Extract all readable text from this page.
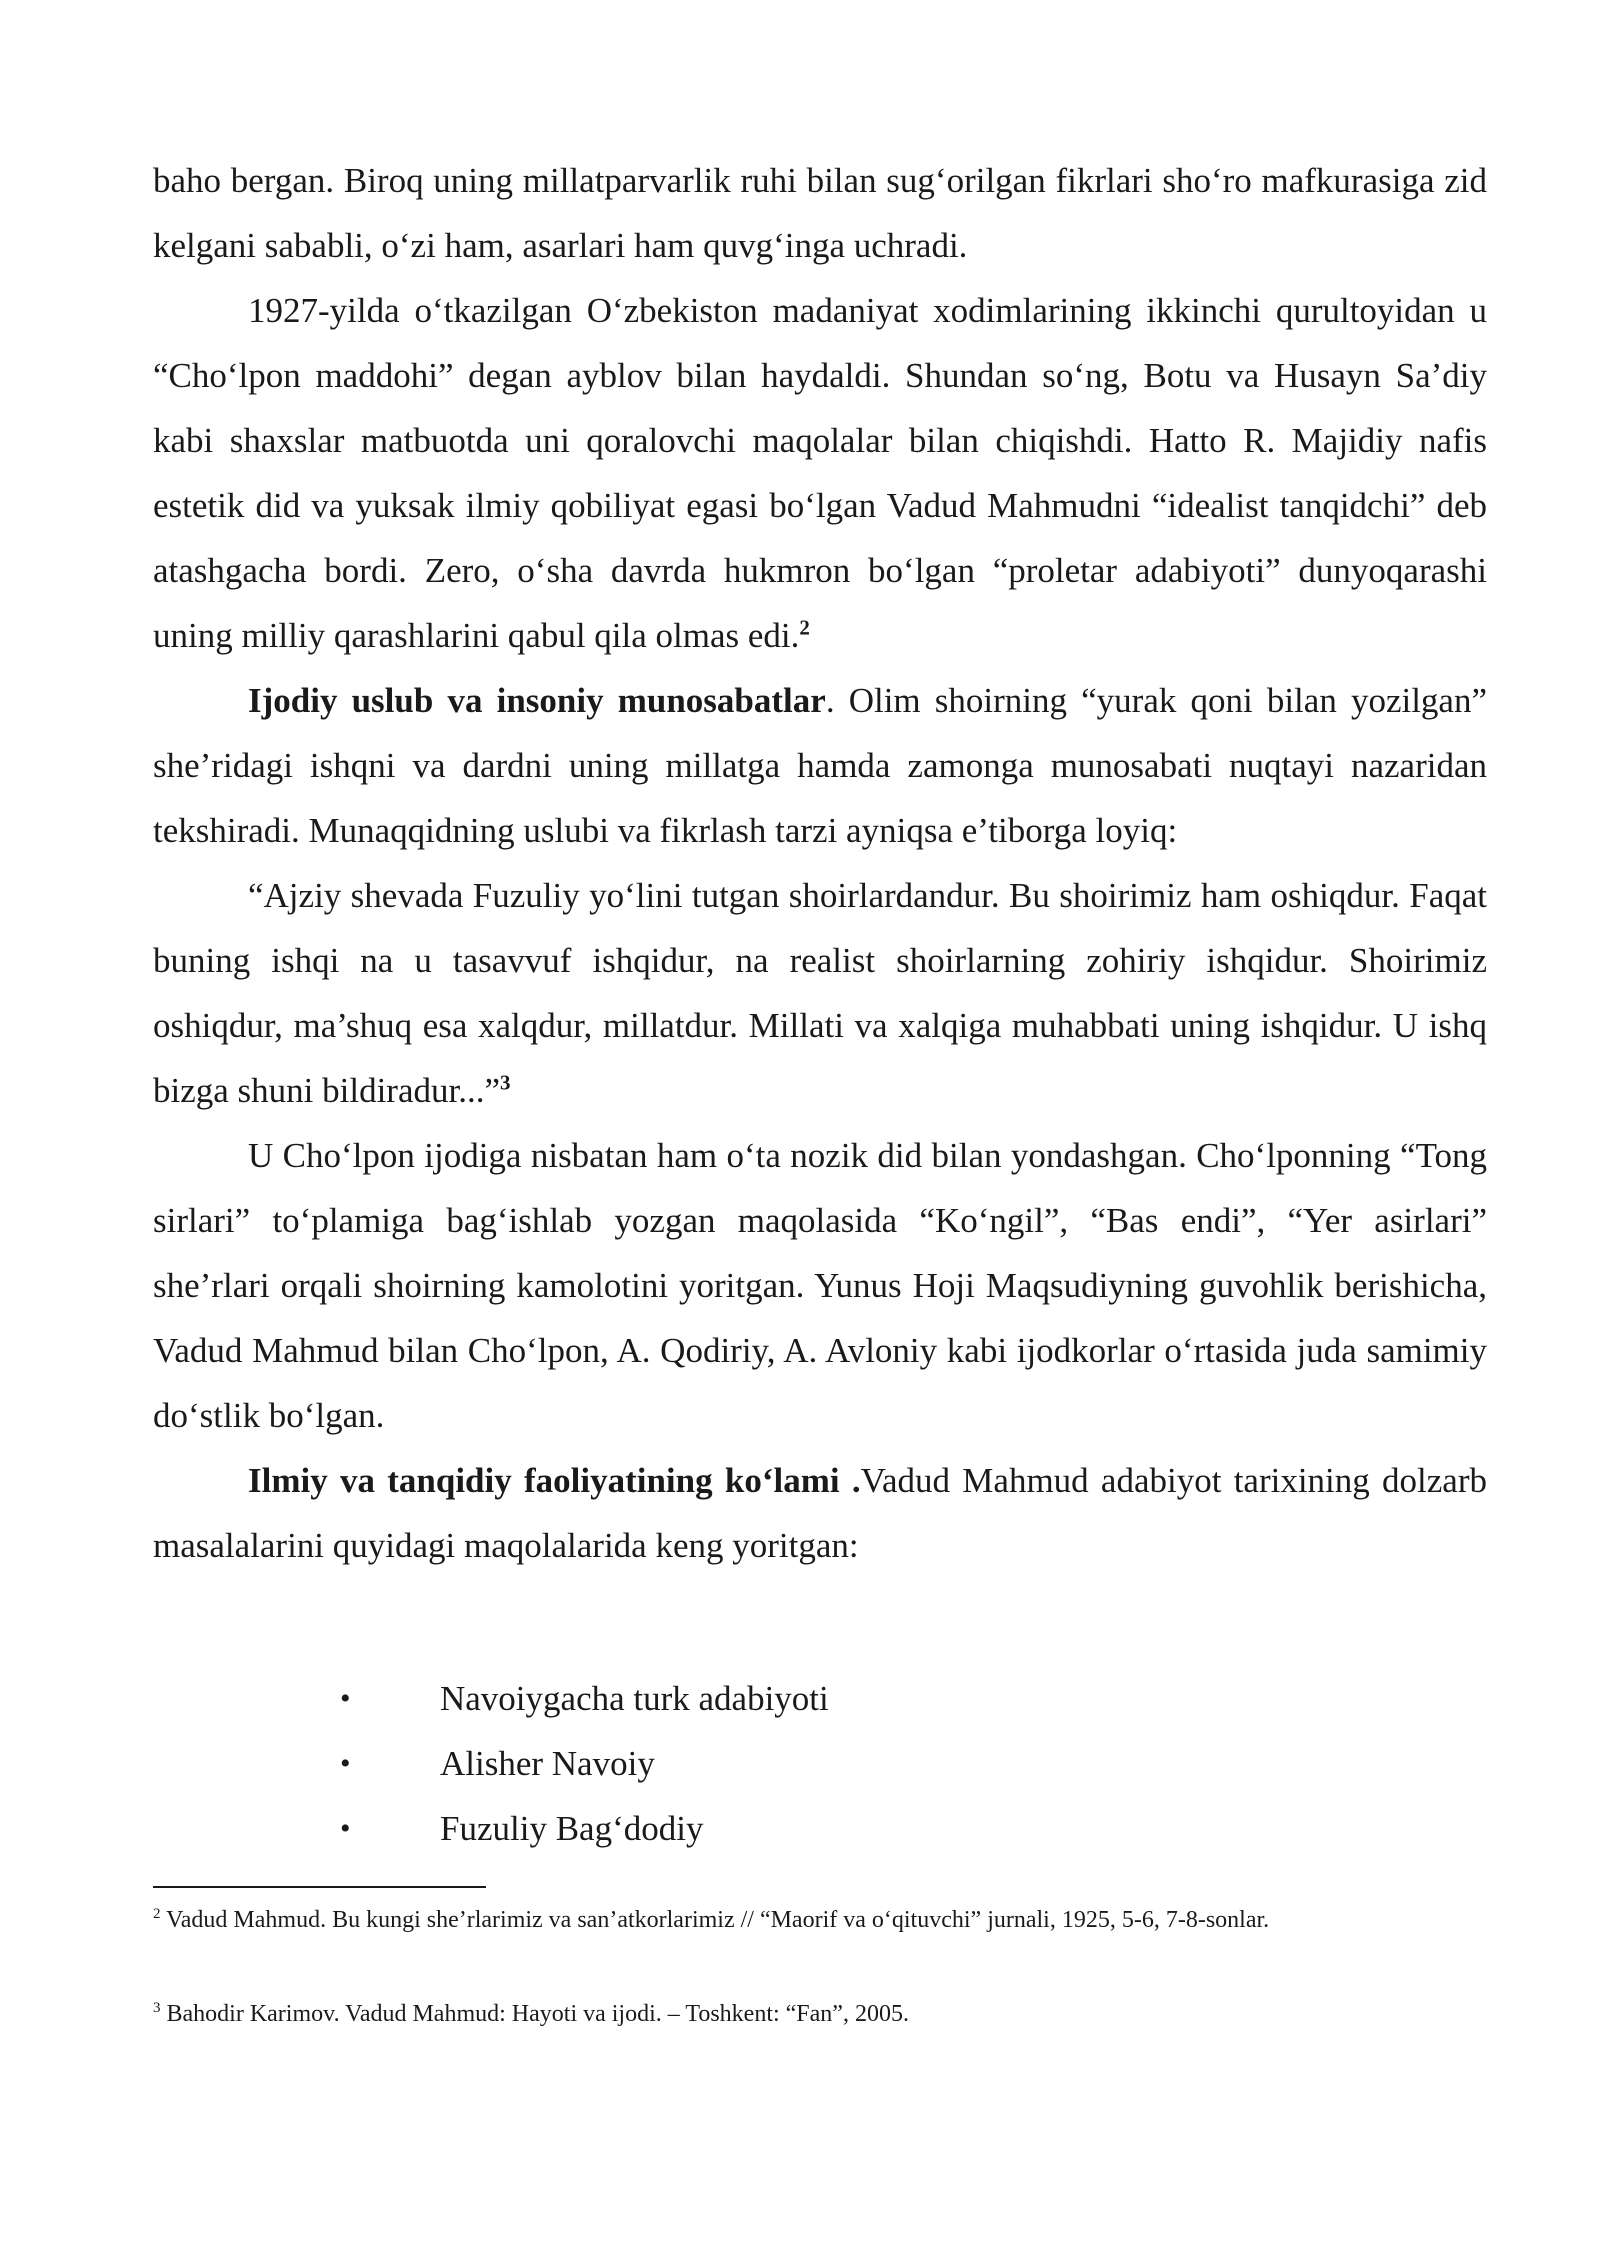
baho bergan. Biroq uning millatparvarlik ruhi bilan sug‘orilgan fikrlari sho‘ro mafkurasiga zid kelgani sababli, o‘zi ham, asarlari ham quvg‘inga uchradi.

1927-yilda o‘tkazilgan O‘zbekiston madaniyat xodimlarining ikkinchi qurultoyidan u “Cho‘lpon maddohi” degan ayblov bilan haydaldi. Shundan so‘ng, Botu va Husayn Sa’diy kabi shaxslar matbuotda uni qoralovchi maqolalar bilan chiqishdi. Hatto R. Majidiy nafis estetik did va yuksak ilmiy qobiliyat egasi bo‘lgan Vadud Mahmudni “idealist tanqidchi” deb atashgacha bordi. Zero, o‘sha davrda hukmron bo‘lgan “proletar adabiyoti” dunyoqarashi uning milliy qarashlarini qabul qila olmas edi.$^2$

Ijodiy uslub va insoniy munosabatlar. Olim shoirning “yurak qoni bilan yozilgan” she’ridagi ishqni va dardni uning millatga hamda zamonga munosabati nuqtayi nazaridan tekshiradi. Munaqqidning uslubi va fikrlash tarzi ayniqsa e’tiborga loyiq:

“Ajziy shevada Fuzuliy yo‘lini tutgan shoirlardandur. Bu shoirimiz ham oshiqdur. Faqat buning ishqi na u tasavvuf ishqidur, na realist shoirlarning zohiriy ishqidur. Shoirimiz oshiqdur, ma’shuq esa xalqdur, millatdur. Millati va xalqiga muhabbati uning ishqidur. U ishq bizga shuni bildiradur...”$^3$

U Cho‘lpon ijodiga nisbatan ham o‘ta nozik did bilan yondashgan. Cho‘lponning “Tong sirlari” to‘plamiga bag‘ishlab yozgan maqolasida “Ko‘ngil”, “Bas endi”, “Yer asirlari” she’rlari orqali shoirning kamolotini yoritgan. Yunus Hoji Maqsudiyning guvohlik berishicha, Vadud Mahmud bilan Cho‘lpon, A. Qodiriy, A. Avloniy kabi ijodkorlar o‘rtasida juda samimiy do‘stlik bo‘lgan.

Ilmiy va tanqidiy faoliyatining ko‘lami .Vadud Mahmud adabiyot tarixining dolzarb masalalarini quyidagi maqolalarida keng yoritgan:

•	Navoiygacha turk adabiyoti
•	Alisher Navoiy
•	Fuzuliy Bag‘dodiy
$^2$ Vadud Mahmud. Bu kungi she’rlarimiz va san’atkorlarimiz // “Maorif va o‘qituvchi” jurnali, 1925, 5-6, 7-8-sonlar.
$^3$ Bahodir Karimov. Vadud Mahmud: Hayoti va ijodi. – Toshkent: “Fan”, 2005.
